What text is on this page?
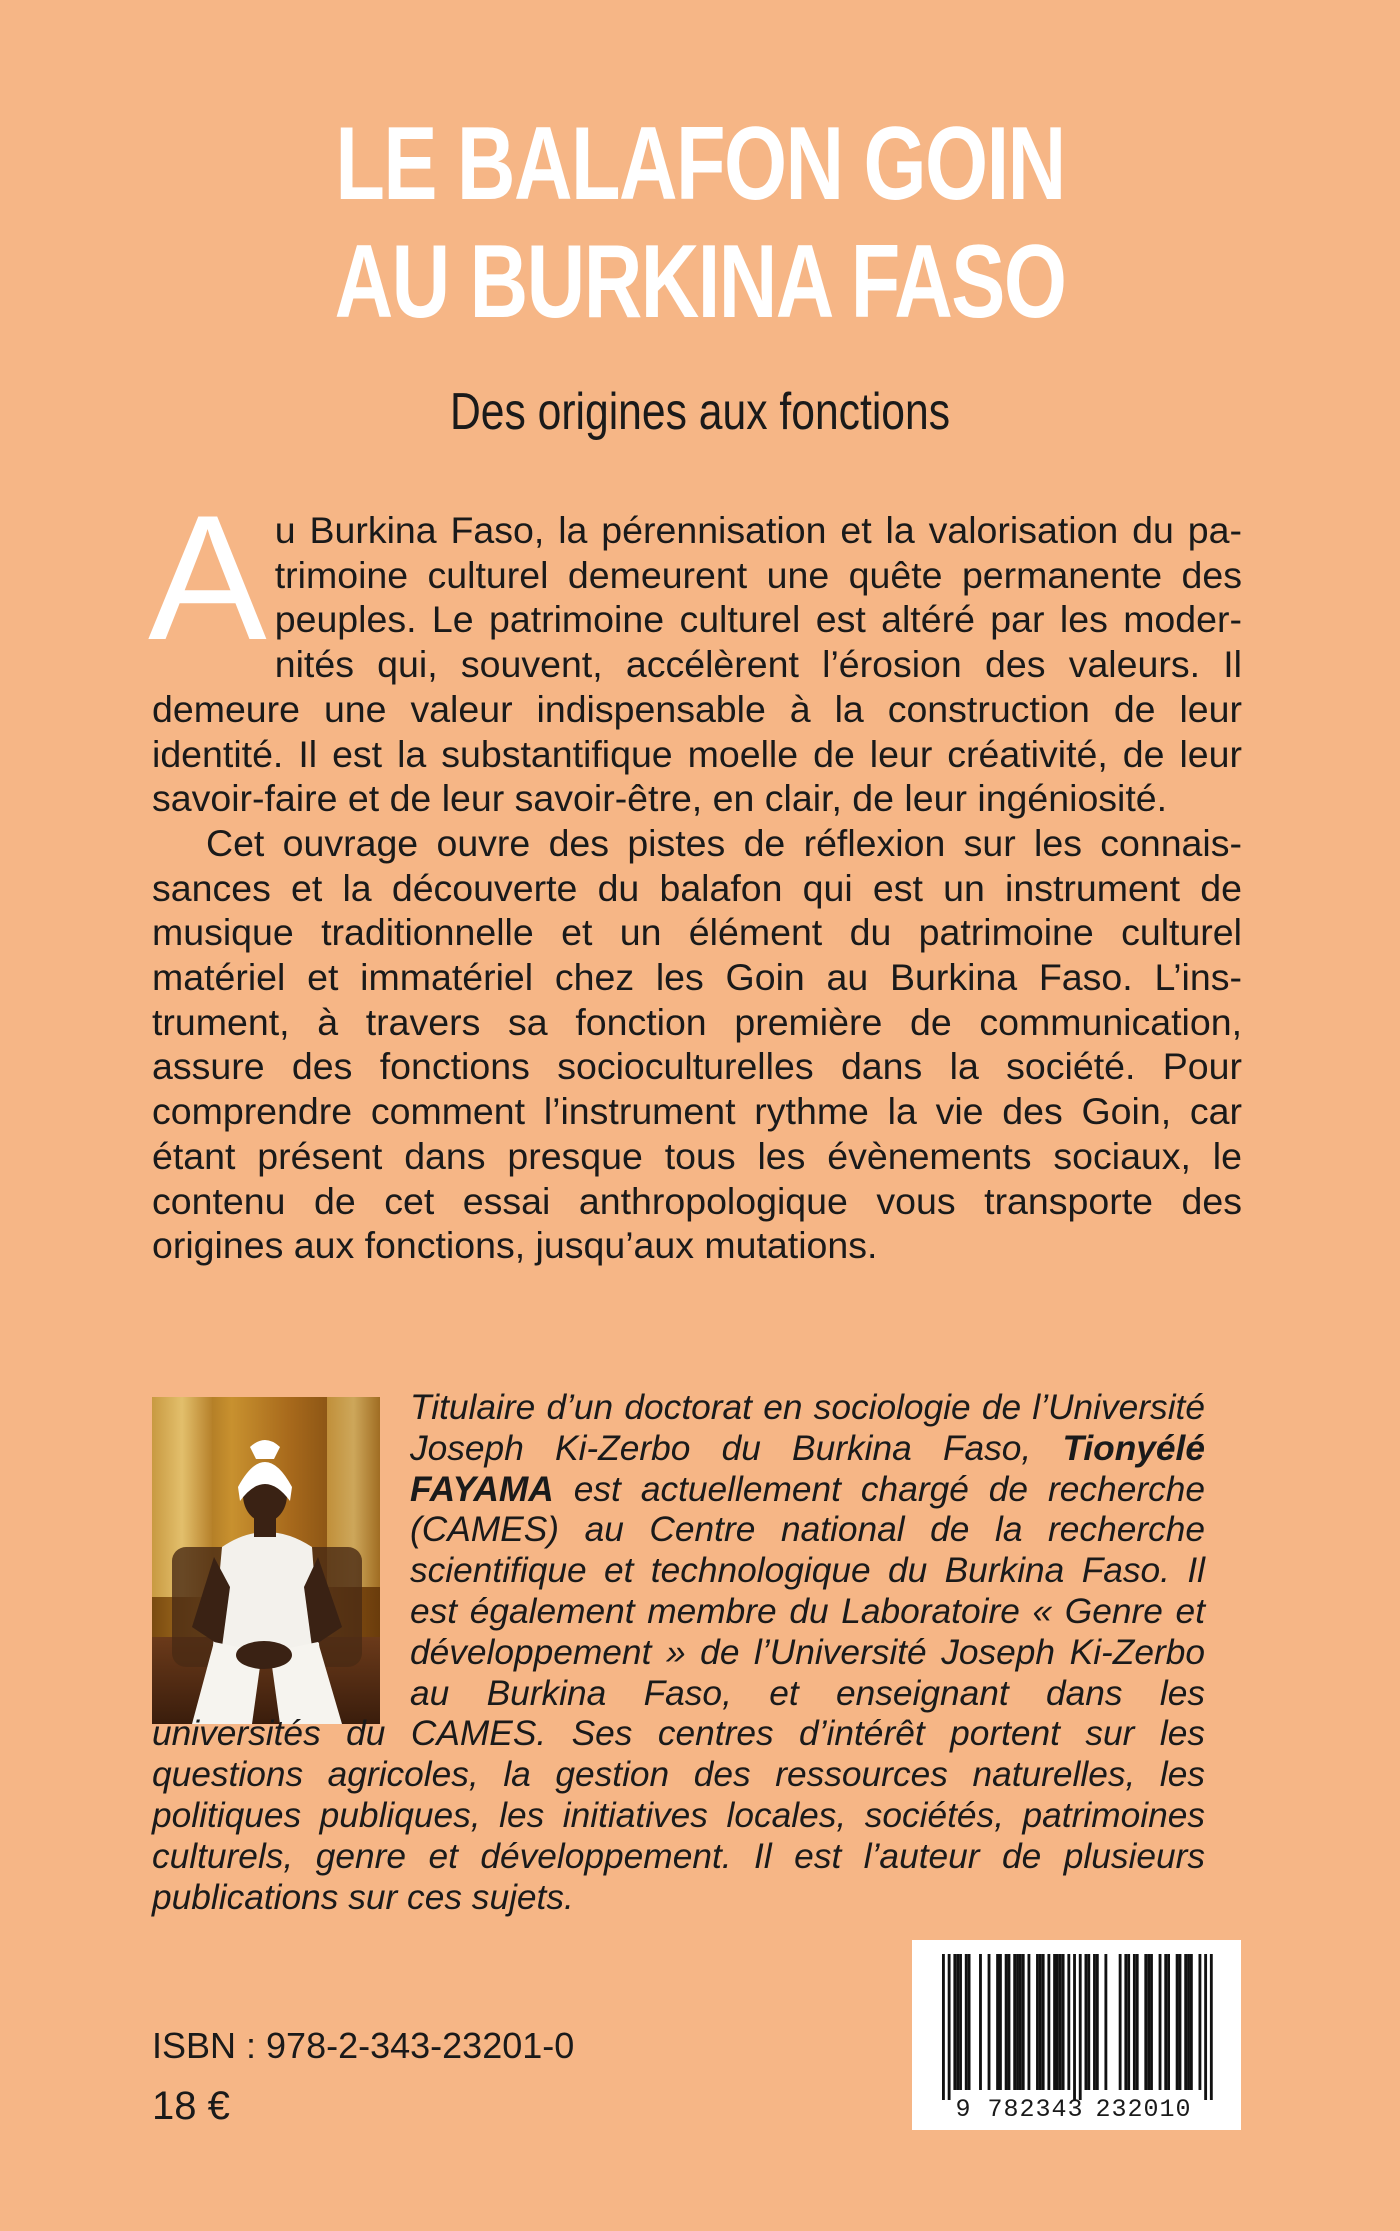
LE BALAFON GOIN
AU BURKINA FASO
Des origines aux fonctions

Au Burkina Faso, la pérennisation et la valorisation du patrimoine culturel demeurent une quête permanente des peuples. Le patrimoine culturel est altéré par les modernités qui, souvent, accélèrent l’érosion des valeurs. Il demeure une valeur indispensable à la construction de leur identité. Il est la substantifique moelle de leur créativité, de leur savoir-faire et de leur savoir-être, en clair, de leur ingéniosité.

Cet ouvrage ouvre des pistes de réflexion sur les connaissances et la découverte du balafon qui est un instrument de musique traditionnelle et un élément du patrimoine culturel matériel et immatériel chez les Goin au Burkina Faso. L’instrument, à travers sa fonction première de communication, assure des fonctions socioculturelles dans la société. Pour comprendre comment l’instrument rythme la vie des Goin, car étant présent dans presque tous les évènements sociaux, le contenu de cet essai anthropologique vous transporte des origines aux fonctions, jusqu’aux mutations.

Titulaire d’un doctorat en sociologie de l’Université Joseph Ki-Zerbo du Burkina Faso, Tionyélé FAYAMA est actuellement chargé de recherche (CAMES) au Centre national de la recherche scientifique et technologique du Burkina Faso. Il est également membre du Laboratoire « Genre et développement » de l’Université Joseph Ki-Zerbo au Burkina Faso, et enseignant dans les universités du CAMES. Ses centres d’intérêt portent sur les questions agricoles, la gestion des ressources naturelles, les politiques publiques, les initiatives locales, sociétés, patrimoines culturels, genre et développement. Il est l’auteur de plusieurs publications sur ces sujets.
ISBN : 978-2-343-23201-0
18 €	9 782343 232010
